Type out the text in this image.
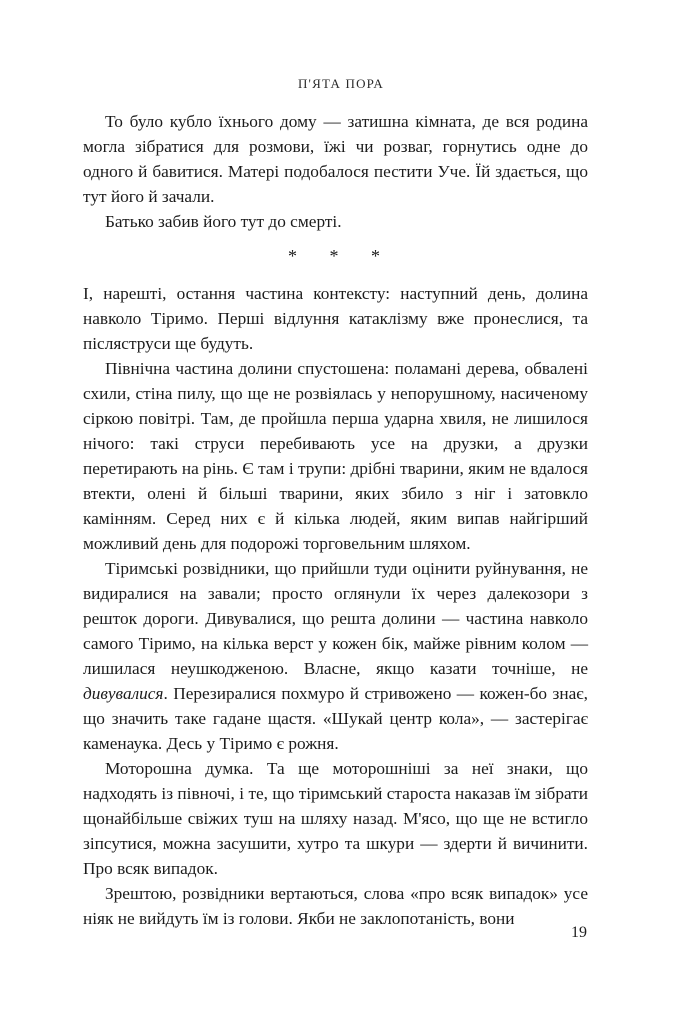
П'ЯТА ПОРА

То було кубло їхнього дому — затишна кімната, де вся родина могла зібратися для розмови, їжі чи розваг, горнутись одне до одного й бавитися. Матері подобалося пестити Уче. Їй здається, що тут його й зачали.

Батько забив його тут до смерті.

* * *

І, нарешті, остання частина контексту: наступний день, долина навколо Тіримо. Перші відлуння катаклізму вже пронеслися, та післяструси ще будуть.

Північна частина долини спустошена: поламані дерева, обвалені схили, стіна пилу, що ще не розвіялась у непорушному, насиченому сіркою повітрі. Там, де пройшла перша ударна хвиля, не лишилося нічого: такі струси перебивають усе на друзки, а друзки перетирають на рінь. Є там і трупи: дрібні тварини, яким не вдалося втекти, олені й більші тварини, яких збило з ніг і затовкло камінням. Серед них є й кілька людей, яким випав найгірший можливий день для подорожі торговельним шляхом.

Тіримські розвідники, що прийшли туди оцінити руйнування, не видиралися на завали; просто оглянули їх через далекозори з решток дороги. Дивувалися, що решта долини — частина навколо самого Тіримо, на кілька верст у кожен бік, майже рівним колом — лишилася неушкодженою. Власне, якщо казати точніше, не дивувалися. Перезиралися похмуро й стривожено — кожен-бо знає, що значить таке гадане щастя. «Шукай центр кола», — застерігає каменаука. Десь у Тіримо є рожня.

Моторошна думка. Та ще моторошніші за неї знаки, що надходять із півночі, і те, що тіримський староста наказав їм зібрати щонайбільше свіжих туш на шляху назад. М'ясо, що ще не встигло зіпсутися, можна засушити, хутро та шкури — здерти й вичинити. Про всяк випадок.

Зрештою, розвідники вертаються, слова «про всяк випадок» усе ніяк не вийдуть їм із голови. Якби не заклопотаність, вони

19
